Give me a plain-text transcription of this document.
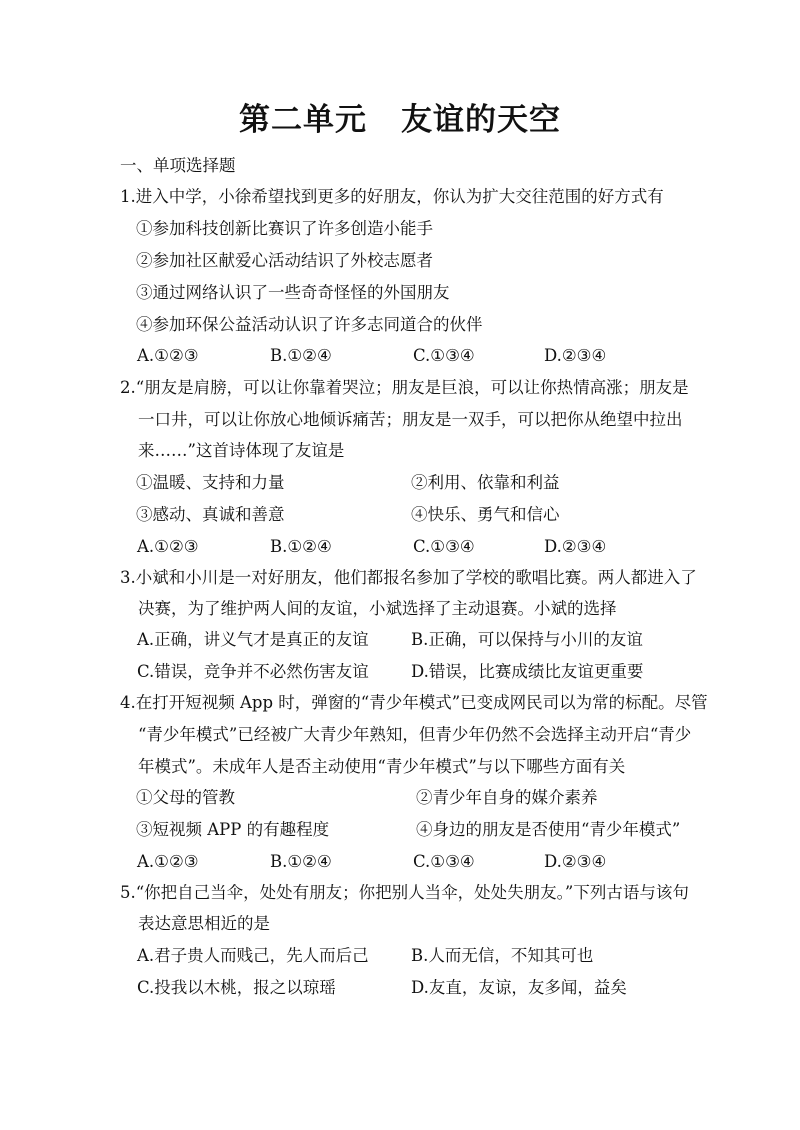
第二单元 友谊的天空
一、单项选择题
1.进入中学，小徐希望找到更多的好朋友，你认为扩大交往范围的好方式有
①参加科技创新比赛识了许多创造小能手
②参加社区献爱心活动结识了外校志愿者
③通过网络认识了一些奇奇怪怪的外国朋友
④参加环保公益活动认识了许多志同道合的伙伴
A.①②③	B.①②④	C.①③④	D.②③④
2.“朋友是肩膀，可以让你靠着哭泣；朋友是巨浪，可以让你热情高涨；朋友是
一口井，可以让你放心地倾诉痛苦；朋友是一双手，可以把你从绝望中拉出
来……”这首诗体现了友谊是
①温暖、支持和力量	②利用、依靠和利益
③感动、真诚和善意	④快乐、勇气和信心
A.①②③	B.①②④	C.①③④	D.②③④
3.小斌和小川是一对好朋友，他们都报名参加了学校的歌唱比赛。两人都进入了
决赛，为了维护两人间的友谊，小斌选择了主动退赛。小斌的选择
A.正确，讲义气才是真正的友谊	B.正确，可以保持与小川的友谊
C.错误，竞争并不必然伤害友谊	D.错误，比赛成绩比友谊更重要
4.在打开短视频 App 时，弹窗的“青少年模式”已变成网民司以为常的标配。尽管
“青少年模式”已经被广大青少年熟知，但青少年仍然不会选择主动开启“青少
年模式”。未成年人是否主动使用“青少年模式”与以下哪些方面有关
①父母的管教	②青少年自身的媒介素养
③短视频 APP 的有趣程度	④身边的朋友是否使用“青少年模式”
A.①②③	B.①②④	C.①③④	D.②③④
5.“你把自己当伞，处处有朋友；你把别人当伞，处处失朋友。”下列古语与该句
表达意思相近的是
A.君子贵人而贱己，先人而后己	B.人而无信，不知其可也
C.投我以木桃，报之以琼瑶	D.友直，友谅，友多闻，益矣
